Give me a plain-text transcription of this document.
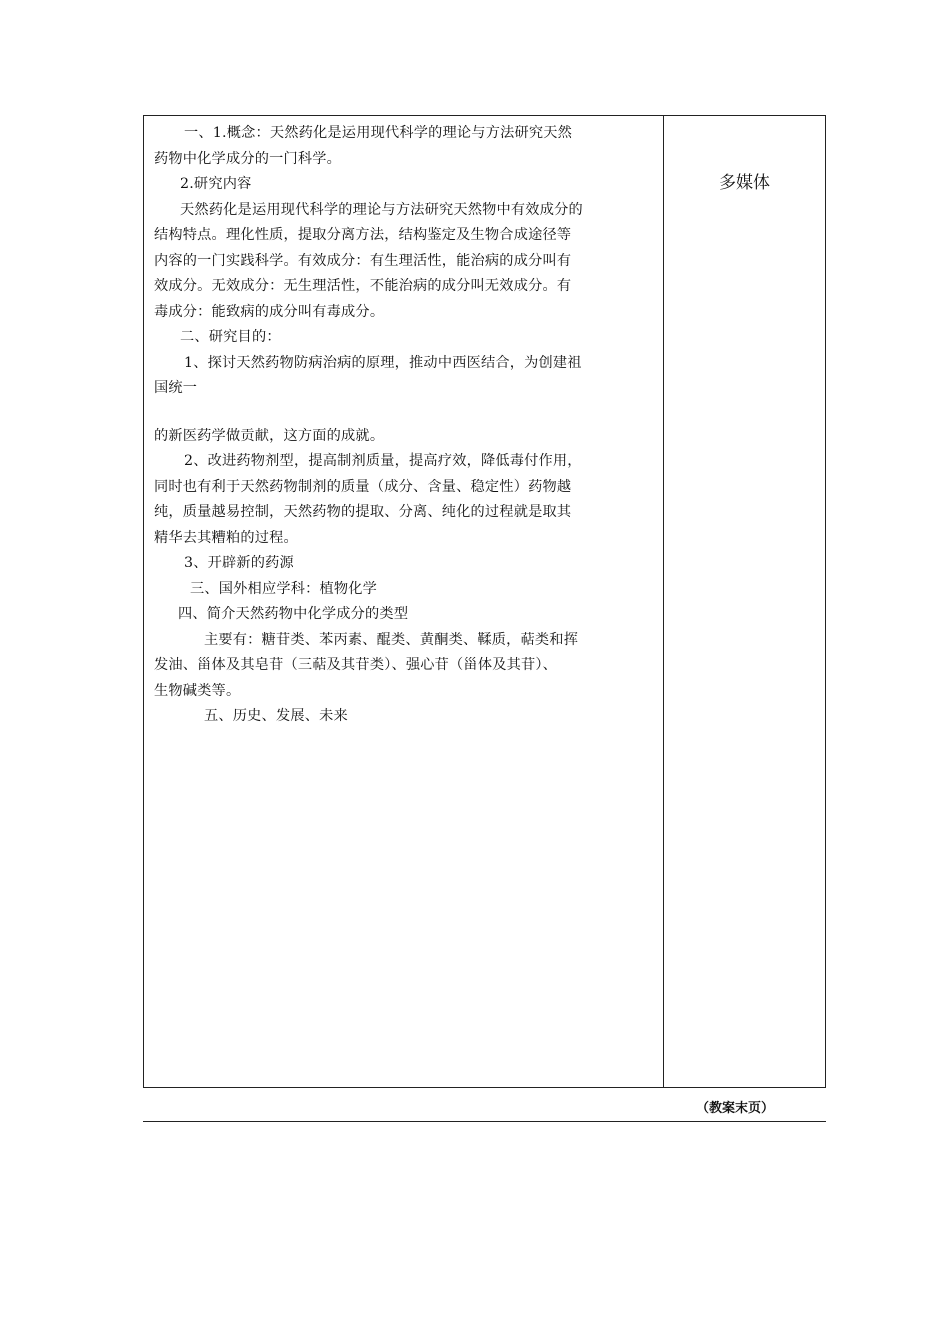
一、1.概念：天然药化是运用现代科学的理论与方法研究天然
药物中化学成分的一门科学。
2.研究内容
天然药化是运用现代科学的理论与方法研究天然物中有效成分的
结构特点。理化性质，提取分离方法，结构鉴定及生物合成途径等
内容的一门实践科学。有效成分：有生理活性，能治病的成分叫有
效成分。无效成分：无生理活性，不能治病的成分叫无效成分。有
毒成分：能致病的成分叫有毒成分。
二、研究目的：
1、探讨天然药物防病治病的原理，推动中西医结合，为创建祖
国统一
的新医药学做贡献，这方面的成就。
2、改进药物剂型，提高制剂质量，提高疗效，降低毒付作用，
同时也有利于天然药物制剂的质量（成分、含量、稳定性）药物越
纯，质量越易控制，天然药物的提取、分离、纯化的过程就是取其
精华去其糟粕的过程。
3、开辟新的药源
三、国外相应学科：植物化学
四、简介天然药物中化学成分的类型
主要有：糖苷类、苯丙素、醌类、黄酮类、鞣质，萜类和挥
发油、甾体及其皂苷（三萜及其苷类）、强心苷（甾体及其苷）、
生物碱类等。
五、历史、发展、未来
多媒体
（教案末页）
